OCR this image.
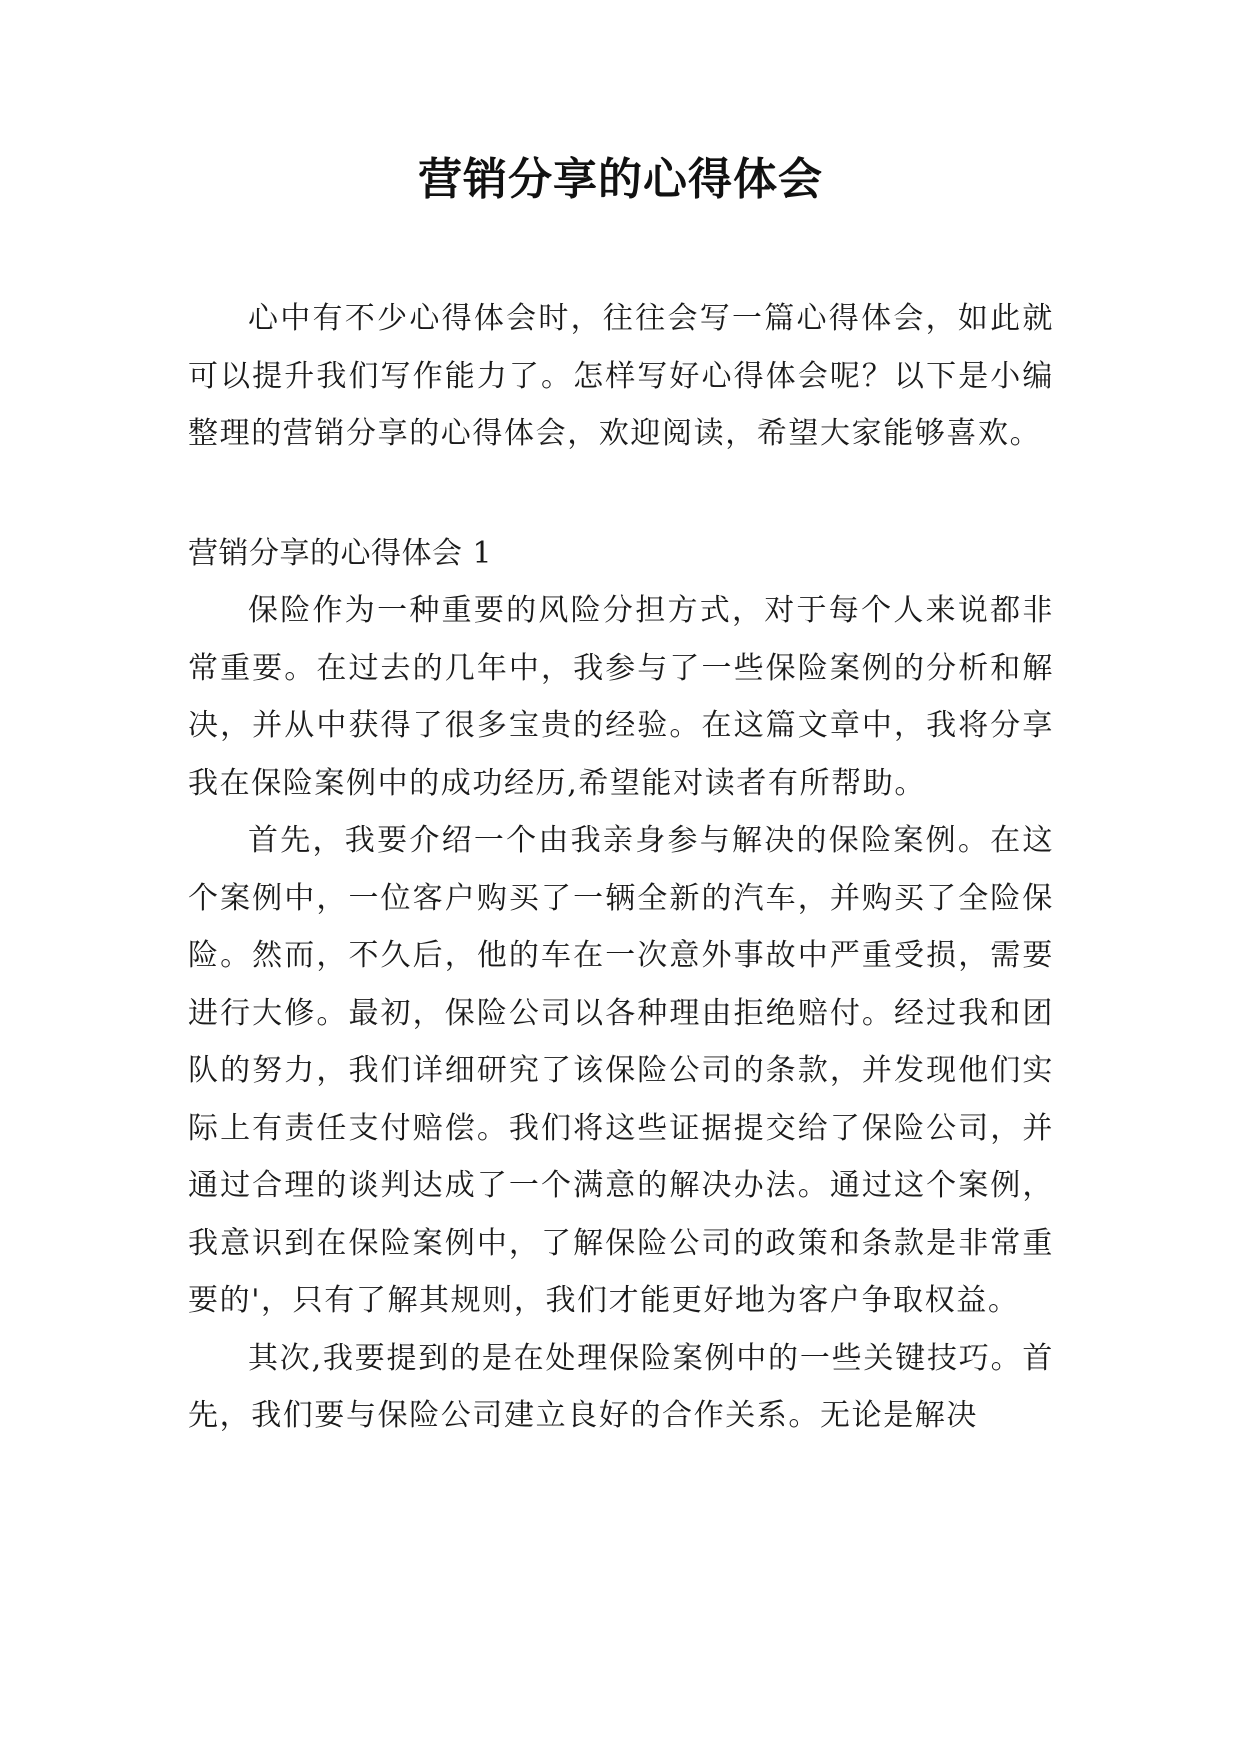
营销分享的心得体会

心中有不少心得体会时，往往会写一篇心得体会，如此就可以提升我们写作能力了。怎样写好心得体会呢？以下是小编整理的营销分享的心得体会，欢迎阅读，希望大家能够喜欢。

营销分享的心得体会 1

保险作为一种重要的风险分担方式，对于每个人来说都非常重要。在过去的几年中，我参与了一些保险案例的分析和解决，并从中获得了很多宝贵的经验。在这篇文章中，我将分享我在保险案例中的成功经历,希望能对读者有所帮助。

首先，我要介绍一个由我亲身参与解决的保险案例。在这个案例中，一位客户购买了一辆全新的汽车，并购买了全险保险。然而，不久后，他的车在一次意外事故中严重受损，需要进行大修。最初，保险公司以各种理由拒绝赔付。经过我和团队的努力，我们详细研究了该保险公司的条款，并发现他们实际上有责任支付赔偿。我们将这些证据提交给了保险公司，并通过合理的谈判达成了一个满意的解决办法。通过这个案例，我意识到在保险案例中，了解保险公司的政策和条款是非常重要的'，只有了解其规则，我们才能更好地为客户争取权益。

其次,我要提到的是在处理保险案例中的一些关键技巧。首先，我们要与保险公司建立良好的合作关系。无论是解决
